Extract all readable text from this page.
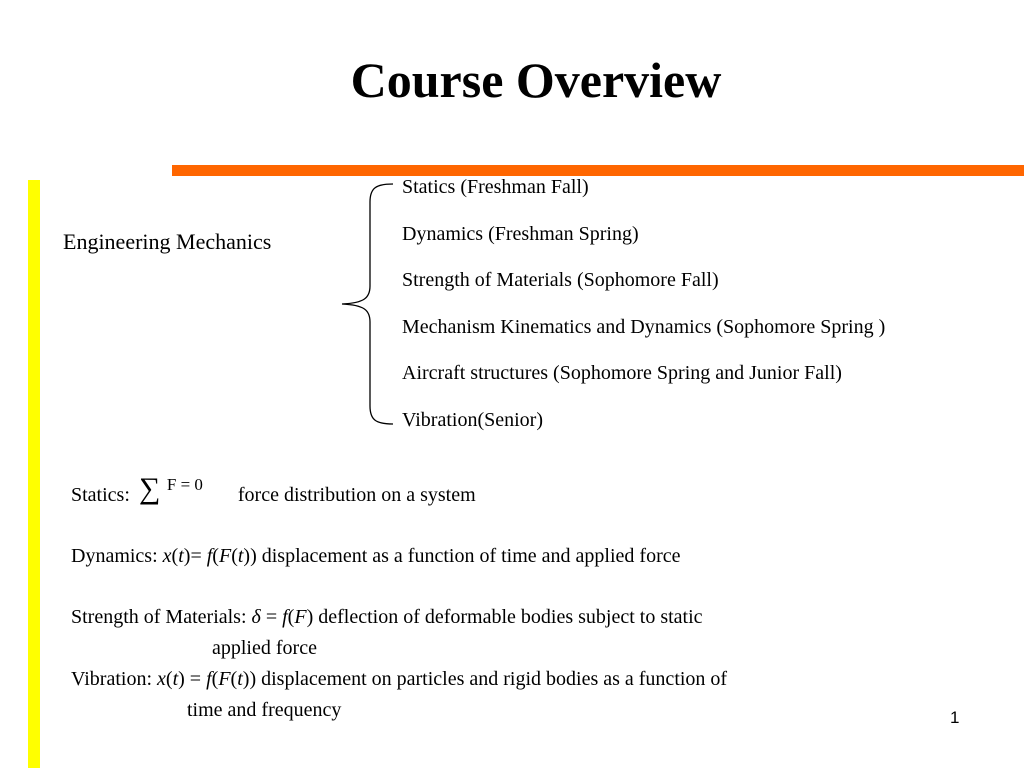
Course Overview
Engineering Mechanics
Statics (Freshman Fall)
Dynamics (Freshman Spring)
Strength of Materials (Sophomore Fall)
Mechanism Kinematics and Dynamics (Sophomore Spring )
Aircraft structures (Sophomore Spring and Junior Fall)
Vibration(Senior)
Statics: ∑ F = 0 force distribution on a system
Dynamics: x(t)= f(F(t)) displacement as a function of time and applied force
Strength of Materials: δ = f(F) deflection of deformable bodies subject to static
applied force
Vibration: x(t) = f(F(t)) displacement on particles and rigid bodies as a function of
time and frequency	1
